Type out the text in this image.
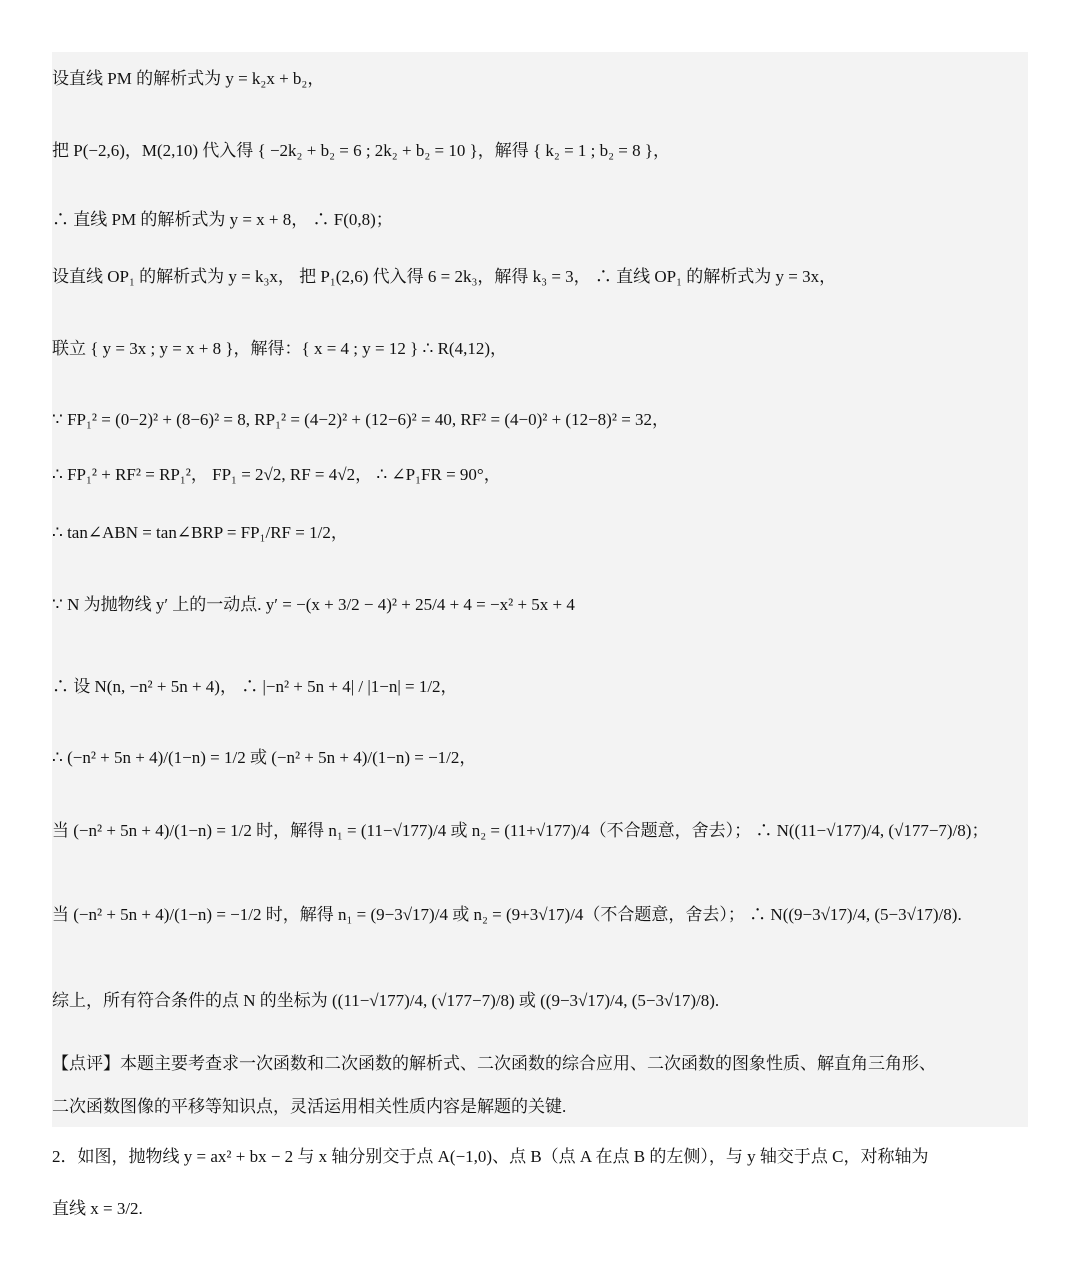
设直线 PM 的解析式为 y = k₂x + b₂，
把 P(−2,6)，M(2,10) 代入得 { −2k₂ + b₂ = 6 ; 2k₂ + b₂ = 10 }，解得 { k₂ = 1 ; b₂ = 8 }，
∴ 直线 PM 的解析式为 y = x + 8， ∴ F(0,8)；
设直线 OP₁ 的解析式为 y = k₃x， 把 P₁(2,6) 代入得 6 = 2k₃，解得 k₃ = 3， ∴ 直线 OP₁ 的解析式为 y = 3x，
联立 { y = 3x ; y = x + 8 }，解得：{ x = 4 ; y = 12 } ∴ R(4,12)，
∵ FP₁² = (0−2)² + (8−6)² = 8, RP₁² = (4−2)² + (12−6)² = 40, RF² = (4−0)² + (12−8)² = 32，
∴ FP₁² + RF² = RP₁²， FP₁ = 2√2, RF = 4√2， ∴ ∠P₁FR = 90°，
∴ tan∠ABN = tan∠BRP = FP₁/RF = 1/2，
∵ N 为抛物线 y′ 上的一动点. y′ = −(x + 3/2 − 4)² + 25/4 + 4 = −x² + 5x + 4
∴ 设 N(n, −n² + 5n + 4)， ∴ |−n² + 5n + 4| / |1−n| = 1/2，
∴ (−n² + 5n + 4)/(1−n) = 1/2 或 (−n² + 5n + 4)/(1−n) = −1/2，
当 (−n² + 5n + 4)/(1−n) = 1/2 时，解得 n₁ = (11−√177)/4 或 n₂ = (11+√177)/4（不合题意，舍去）； ∴ N((11−√177)/4, (√177−7)/8)；
当 (−n² + 5n + 4)/(1−n) = −1/2 时，解得 n₁ = (9−3√17)/4 或 n₂ = (9+3√17)/4（不合题意，舍去）； ∴ N((9−3√17)/4, (5−3√17)/8).
综上，所有符合条件的点 N 的坐标为 ((11−√177)/4, (√177−7)/8) 或 ((9−3√17)/4, (5−3√17)/8).
【点评】本题主要考查求一次函数和二次函数的解析式、二次函数的综合应用、二次函数的图象性质、解直角三角形、
二次函数图像的平移等知识点，灵活运用相关性质内容是解题的关键.
2．如图，抛物线 y = ax² + bx − 2 与 x 轴分别交于点 A(−1,0)、点 B（点 A 在点 B 的左侧），与 y 轴交于点 C，对称轴为
直线 x = 3/2.
